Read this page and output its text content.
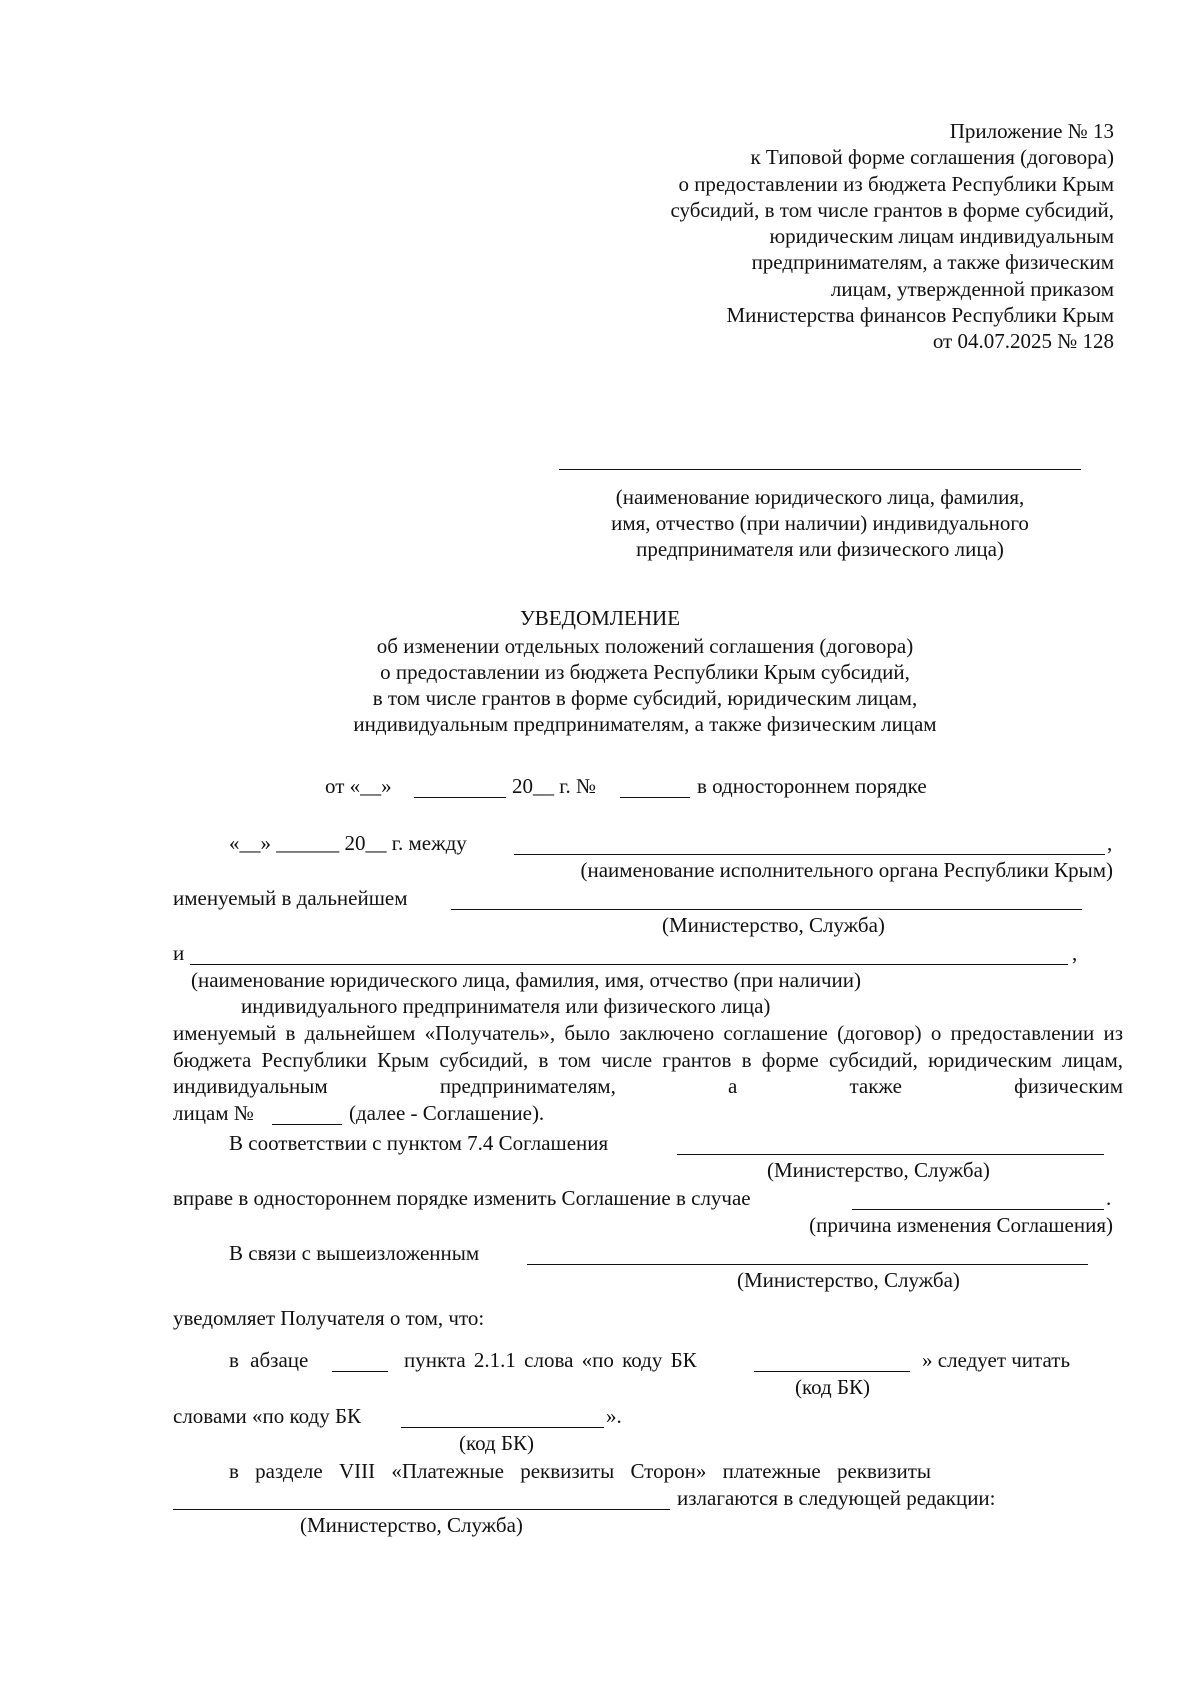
Приложение № 13
к Типовой форме соглашения (договора)
о предоставлении из бюджета Республики Крым
субсидий, в том числе грантов в форме субсидий,
юридическим лицам индивидуальным
предпринимателям, а также физическим
лицам, утвержденной приказом
Министерства финансов Республики Крым
от 04.07.2025 № 128
(наименование юридического лица, фамилия,
имя, отчество (при наличии) индивидуального
предпринимателя или физического лица)
УВЕДОМЛЕНИЕ
об изменении отдельных положений соглашения (договора)
о предоставлении из бюджета Республики Крым субсидий,
в том числе грантов в форме субсидий, юридическим лицам,
индивидуальным предпринимателям, а также физическим лицам
от «__»	20__ г. №	в одностороннем порядке
«__» ______ 20__ г. между	,
(наименование исполнительного органа Республики Крым)
именуемый в дальнейшем
(Министерство, Служба)
и	,
(наименование юридического лица, фамилия, имя, отчество (при наличии)
индивидуального предпринимателя или физического лица)
именуемый в дальнейшем «Получатель», было заключено соглашение (договор) о предоставлении из бюджета Республики Крым субсидий, в том числе грантов в форме субсидий, юридическим лицам, индивидуальным предпринимателям, а также физическим
лицам №	(далее - Соглашение).
В соответствии с пунктом 7.4 Соглашения
(Министерство, Служба)
вправе в одностороннем порядке изменить Соглашение в случае	.
(причина изменения Соглашения)
В связи с вышеизложенным
(Министерство, Служба)
уведомляет Получателя о том, что:
в абзаце	пункта 2.1.1 слова «по коду БК	» следует читать
(код БК)
словами «по коду БК	».
(код БК)
в разделе VIII «Платежные реквизиты Сторон» платежные реквизиты
излагаются в следующей редакции:
(Министерство, Служба)
